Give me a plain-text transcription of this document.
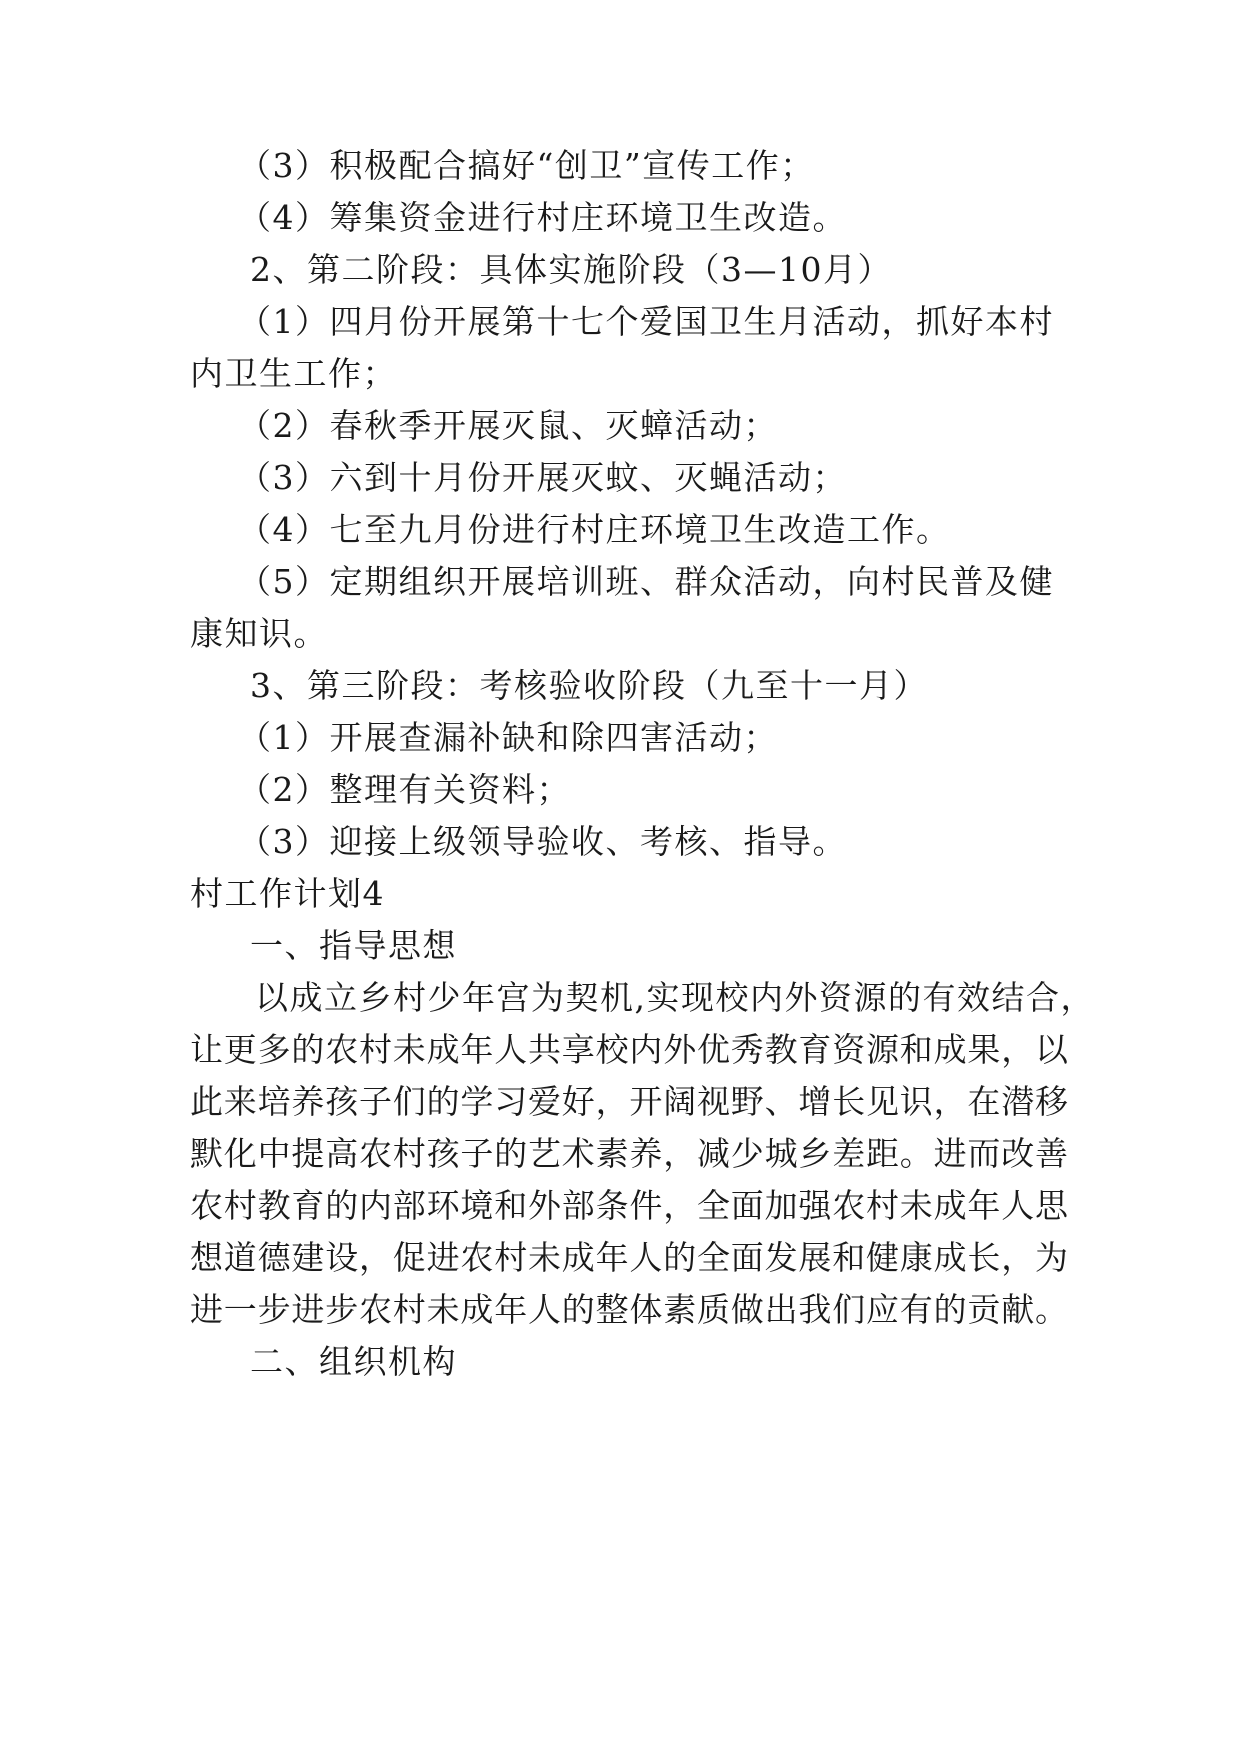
（3）积极配合搞好“创卫”宣传工作；
（4）筹集资金进行村庄环境卫生改造。
2、第二阶段：具体实施阶段（3—10月）
（1）四月份开展第十七个爱国卫生月活动，抓好本村
内卫生工作；
（2）春秋季开展灭鼠、灭蟑活动；
（3）六到十月份开展灭蚊、灭蝇活动；
（4）七至九月份进行村庄环境卫生改造工作。
（5）定期组织开展培训班、群众活动，向村民普及健
康知识。
3、第三阶段：考核验收阶段（九至十一月）
（1）开展查漏补缺和除四害活动；
（2）整理有关资料；
（3）迎接上级领导验收、考核、指导。
村工作计划4
一、指导思想
以成立乡村少年宫为契机,实现校内外资源的有效结合，
让更多的农村未成年人共享校内外优秀教育资源和成果，以
此来培养孩子们的学习爱好，开阔视野、增长见识，在潜移
默化中提高农村孩子的艺术素养，减少城乡差距。进而改善
农村教育的内部环境和外部条件，全面加强农村未成年人思
想道德建设，促进农村未成年人的全面发展和健康成长，为
进一步进步农村未成年人的整体素质做出我们应有的贡献。
二、组织机构
